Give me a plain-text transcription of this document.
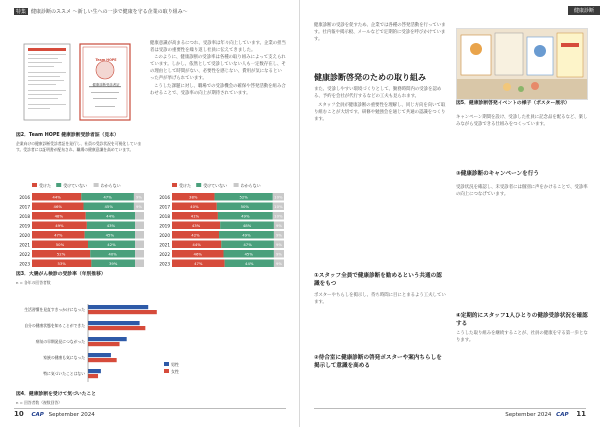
特集 健康診断のススメ ～新しい生への一歩で健康を守る企業の取り組み～
Team HOPE
健康診断受診者証
図2．Team HOPE 健康診断受診者証（見本）
企業向けの健康診断受診者証を発行し、社員の受診状況を可視化しています。受診者には証明書が配布され、職場の健康意識を高めています。

健康意識が高まるにつれ、受診率は年々向上しています。企業の担当者は受診の重要性を繰り返し社員に伝えてきました。

このように、健康診断の受診率は各種の取り組みによって支えられています。しかし、依然として受診していない人も一定数存在し、その理由として時間がない、必要性を感じない、費用が気になるといった声が挙げられています。

こうした課題に対し、職場での受診機会の確保や啓発活動を組み合わせることで、受診率の向上が期待されています。

受けた	受けていない	わからない
2016	44%	47%	9%
2017	46%	45%	9%
2018	48%	44%
2019	49%	43%
2020	47%	45%
2021	50%	42%
2022	52%	40%
2023	53%	39%
受けた	受けていない	わからない
2016	38%	52%	10%
2017	40%	50%	10%
2018	41%	49%	10%
2019	43%	48%	9%
2020	42%	49%	9%
2021	44%	47%	9%
2022	46%	45%	9%
2023	47%	44%	9%
図3．大腸がん検診の受診率（年別推移）
n = 各年の回答者数
生活習慣を見直すきっかけになった
自分の健康状態を知ることができた
病気の早期発見につながった
家族の健康も気になった
特に気づいたことはない
男性
女性
図4．健康診断を受けて気づいたこと
n = 回答者数（複数回答）
10 CAP September 2024
健康診断

健康診断の受診を促すため、企業では各種の啓発活動を行っています。社内報や掲示板、メールなどで定期的に受診を呼びかけています。

健康診断啓発のための取り組み

また、受診しやすい環境づくりとして、勤務時間内の受診を認める、予約を会社が代行するなどの工夫も見られます。

スタッフ全員が健康診断の重要性を理解し、同じ方向を向いて取り組むことが大切です。研修や勉強会を通じて共通の認識をつくります。

①スタッフ全員で健康診断を勧めるという共通の認識をもつ

ポスターやちらしを掲示し、待ち時間に目にとまるよう工夫しています。

②待合室に健康診断の啓発ポスターや案内ちらしを掲示して意識を高める
図5．健康診断啓発イベントの様子（ポスター展示）

キャンペーン期間を設け、受診した社員に記念品を配るなど、楽しみながら受診できる仕組みをつくっています。

③健康診断のキャンペーンを行う

受診状況を確認し、未受診者には個別に声をかけることで、受診率の向上につなげています。

④定期的にスタッフ1人ひとりの健診受診状況を確認する

こうした取り組みを継続することが、社員の健康を守る第一歩となります。

September 2024 CAP 11
